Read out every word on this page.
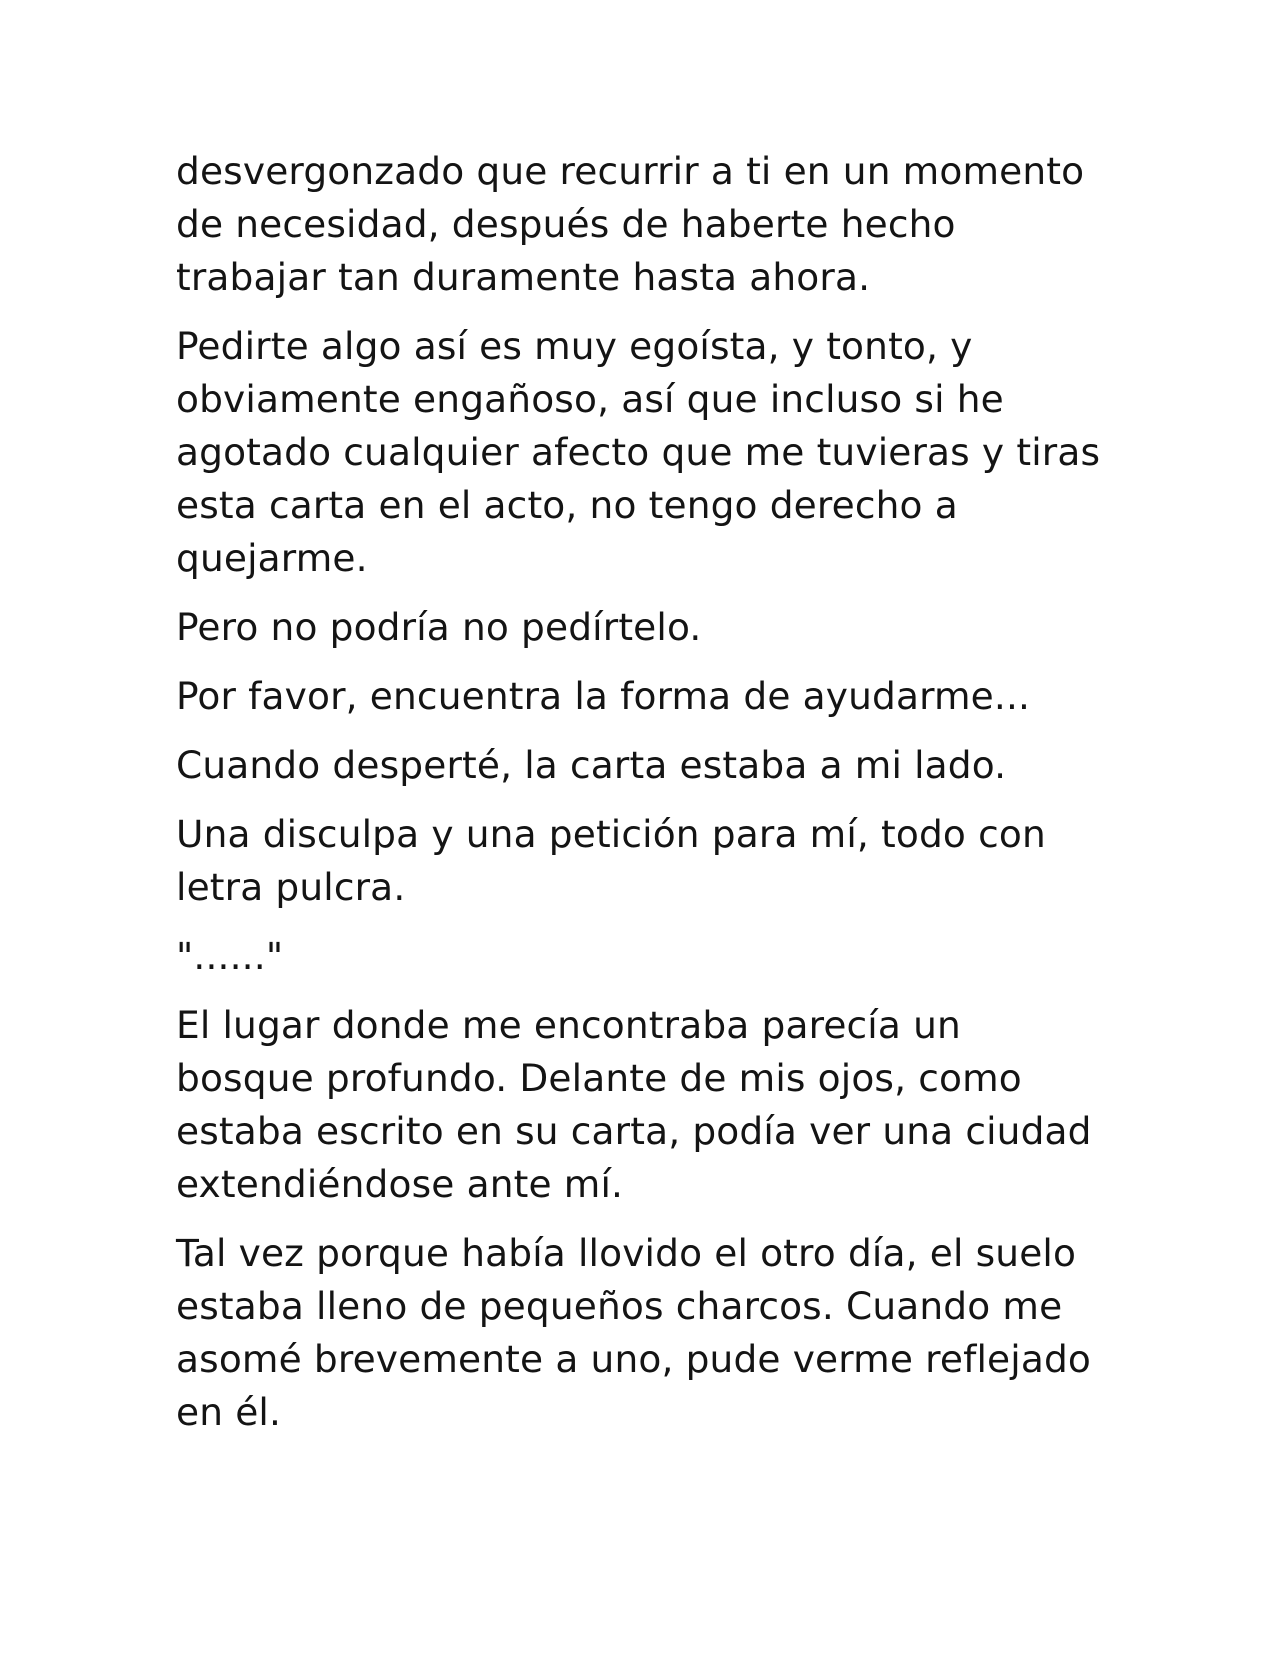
desvergonzado que recurrir a ti en un momento de necesidad, después de haberte hecho trabajar tan duramente hasta ahora.

Pedirte algo así es muy egoísta, y tonto, y obviamente engañoso, así que incluso si he agotado cualquier afecto que me tuvieras y tiras esta carta en el acto, no tengo derecho a quejarme.

Pero no podría no pedírtelo.

Por favor, encuentra la forma de ayudarme...

Cuando desperté, la carta estaba a mi lado.

Una disculpa y una petición para mí, todo con letra pulcra.

"......"

El lugar donde me encontraba parecía un bosque profundo. Delante de mis ojos, como estaba escrito en su carta, podía ver una ciudad extendiéndose ante mí.

Tal vez porque había llovido el otro día, el suelo estaba lleno de pequeños charcos. Cuando me asomé brevemente a uno, pude verme reflejado en él.
